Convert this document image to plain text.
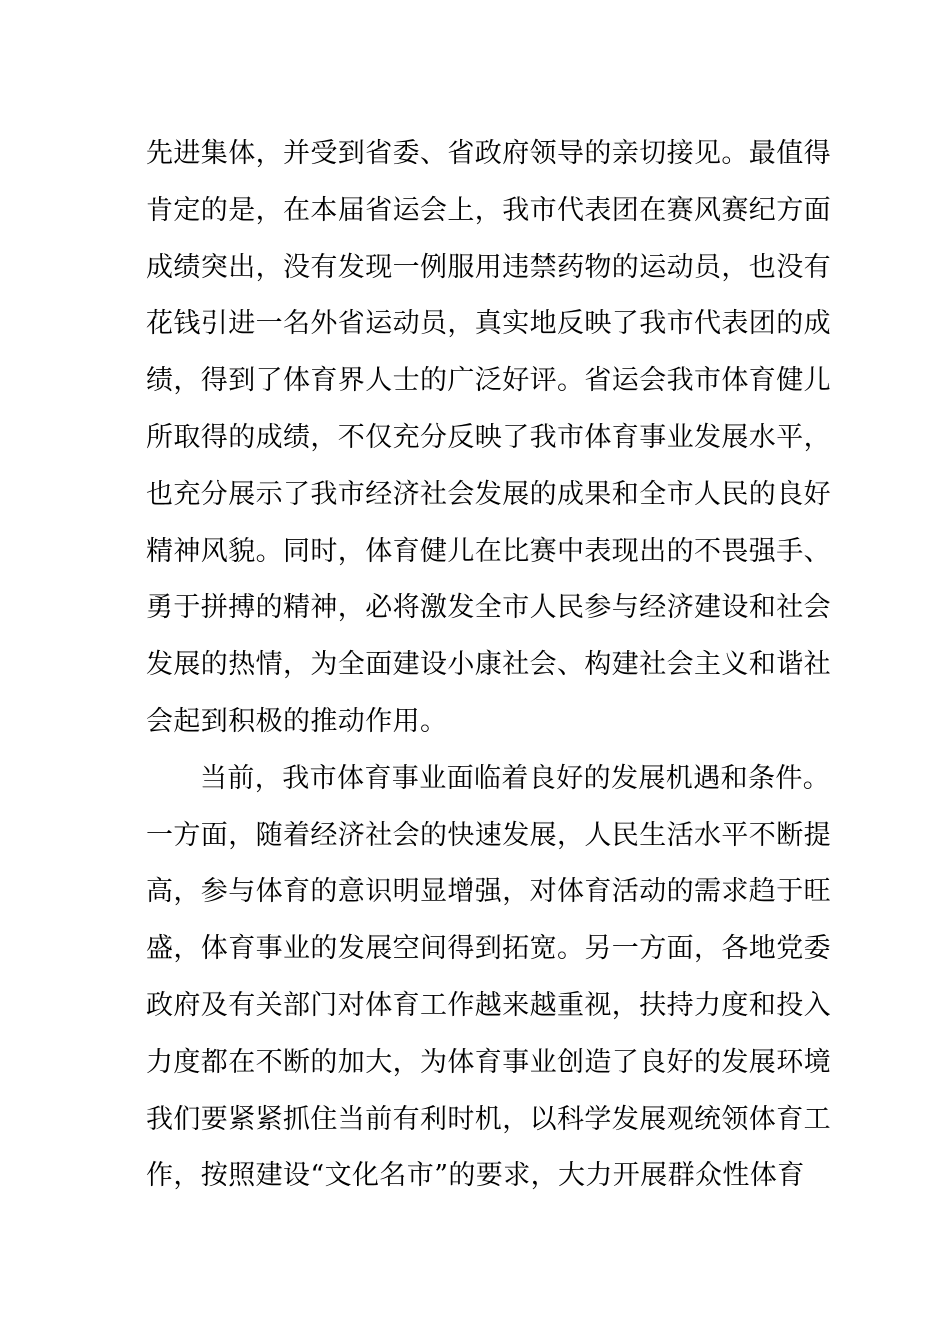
先进集体，并受到省委、省政府领导的亲切接见。最值得
肯定的是，在本届省运会上，我市代表团在赛风赛纪方面
成绩突出，没有发现一例服用违禁药物的运动员，也没有
花钱引进一名外省运动员，真实地反映了我市代表团的成
绩，得到了体育界人士的广泛好评。省运会我市体育健儿
所取得的成绩，不仅充分反映了我市体育事业发展水平，
也充分展示了我市经济社会发展的成果和全市人民的良好
精神风貌。同时，体育健儿在比赛中表现出的不畏强手、
勇于拼搏的精神，必将激发全市人民参与经济建设和社会
发展的热情，为全面建设小康社会、构建社会主义和谐社
会起到积极的推动作用。
当前，我市体育事业面临着良好的发展机遇和条件。
一方面，随着经济社会的快速发展，人民生活水平不断提
高，参与体育的意识明显增强，对体育活动的需求趋于旺
盛，体育事业的发展空间得到拓宽。另一方面，各地党委
政府及有关部门对体育工作越来越重视，扶持力度和投入
力度都在不断的加大，为体育事业创造了良好的发展环境
我们要紧紧抓住当前有利时机，以科学发展观统领体育工
作，按照建设“文化名市”的要求，大力开展群众性体育
